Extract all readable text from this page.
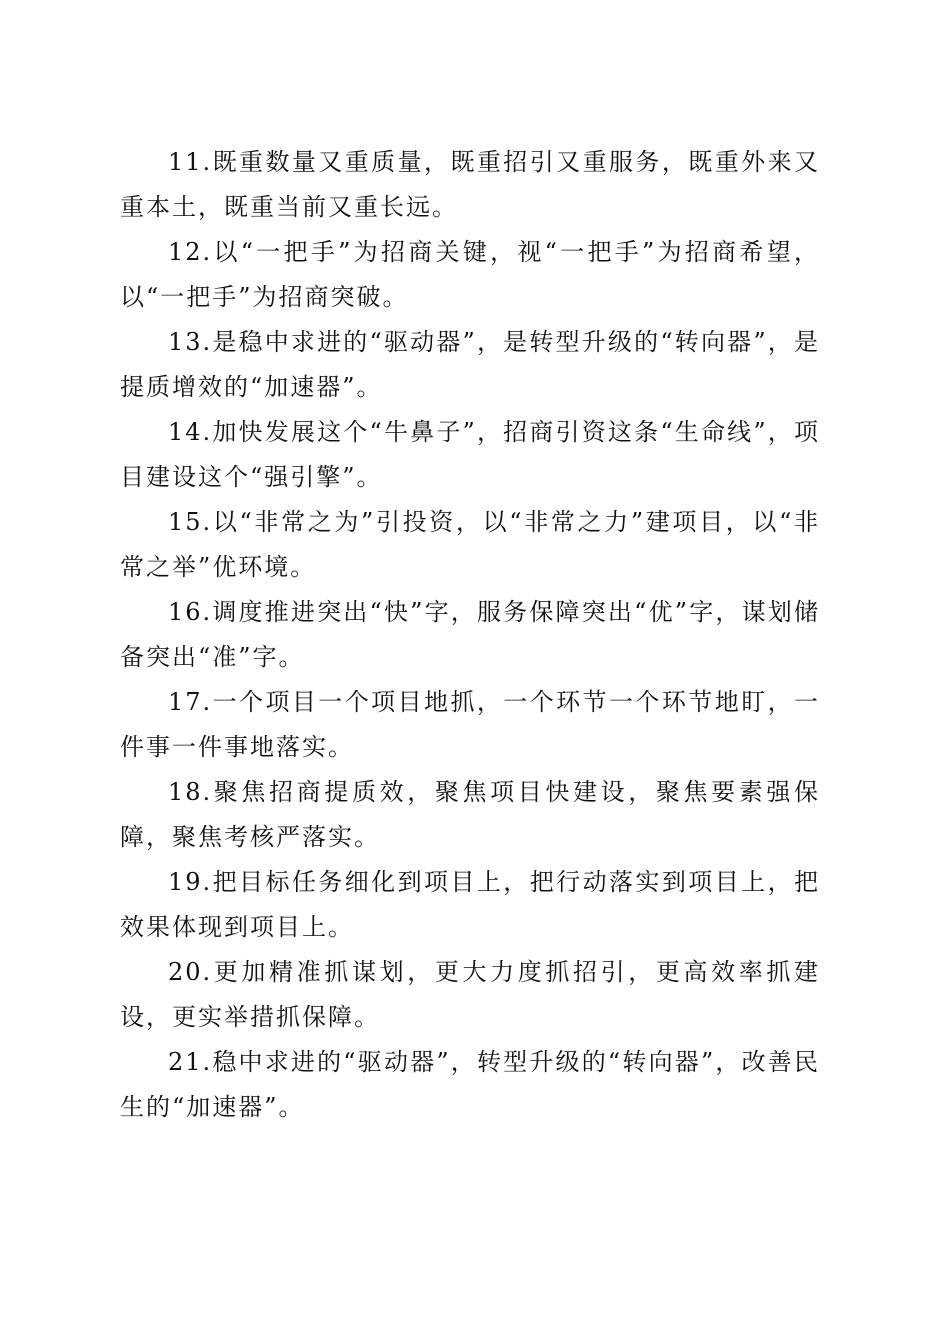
11.既重数量又重质量，既重招引又重服务，既重外来又重本土，既重当前又重长远。

12.以“一把手”为招商关键，视“一把手”为招商希望，以“一把手”为招商突破。

13.是稳中求进的“驱动器”，是转型升级的“转向器”，是提质增效的“加速器”。

14.加快发展这个“牛鼻子”，招商引资这条“生命线”，项目建设这个“强引擎”。

15.以“非常之为”引投资，以“非常之力”建项目，以“非常之举”优环境。

16.调度推进突出“快”字，服务保障突出“优”字，谋划储备突出“准”字。

17.一个项目一个项目地抓，一个环节一个环节地盯，一件事一件事地落实。

18.聚焦招商提质效，聚焦项目快建设，聚焦要素强保障，聚焦考核严落实。

19.把目标任务细化到项目上，把行动落实到项目上，把效果体现到项目上。

20.更加精准抓谋划，更大力度抓招引，更高效率抓建设，更实举措抓保障。

21.稳中求进的“驱动器”，转型升级的“转向器”，改善民生的“加速器”。
